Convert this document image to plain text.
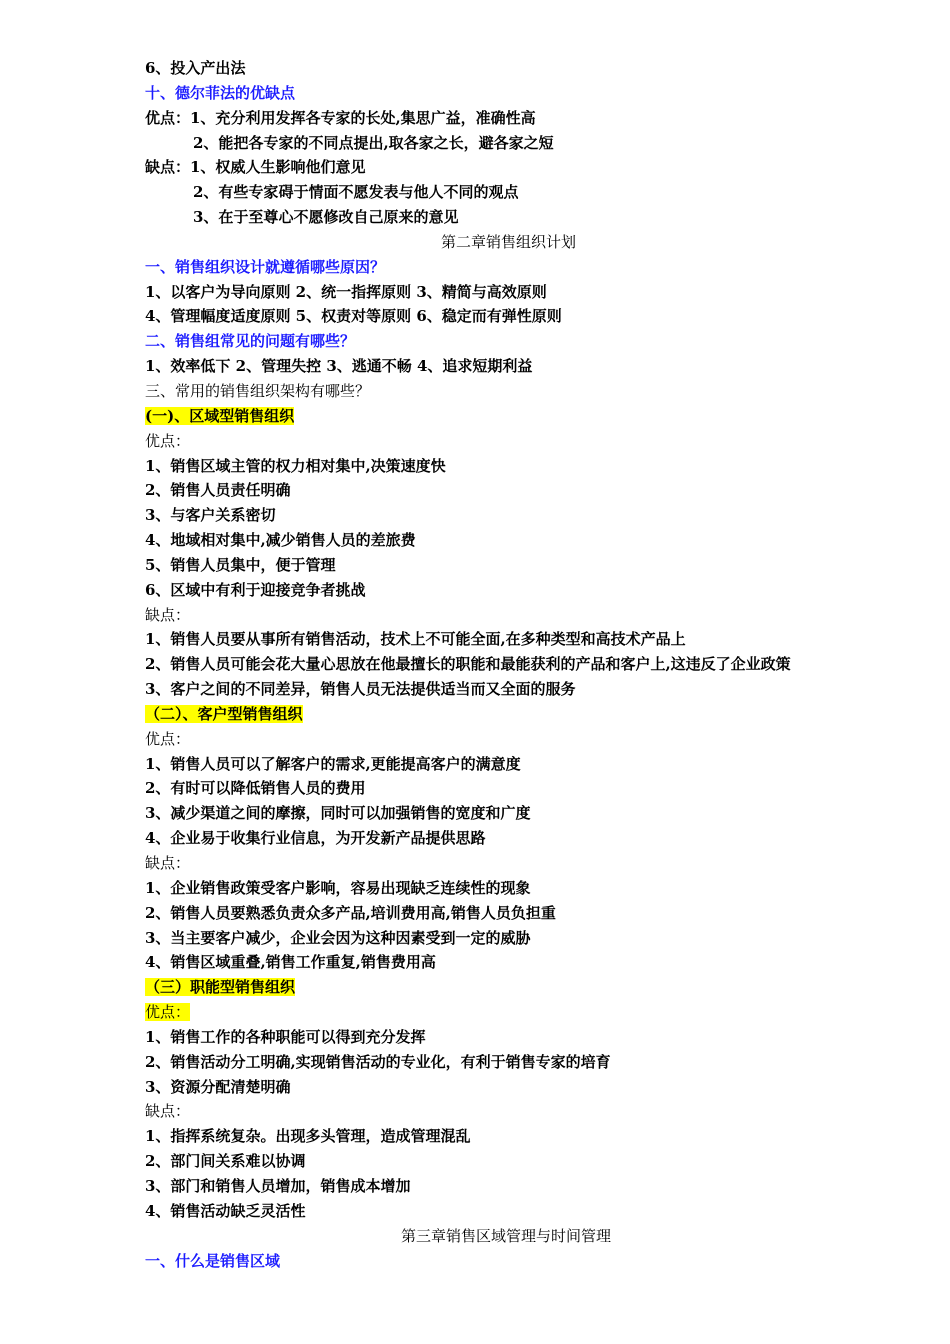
6、投入产出法
十、德尔菲法的优缺点
优点：1、充分利用发挥各专家的长处,集思广益，准确性高
2、能把各专家的不同点提出,取各家之长，避各家之短
缺点：1、权威人生影响他们意见
2、有些专家碍于情面不愿发表与他人不同的观点
3、在于至尊心不愿修改自己原来的意见
第二章销售组织计划
一、销售组织设计就遵循哪些原因？
1、以客户为导向原则 2、统一指挥原则 3、精简与高效原则
4、管理幅度适度原则 5、权责对等原则 6、稳定而有弹性原则
二、销售组常见的问题有哪些？
1、效率低下 2、管理失控 3、逃通不畅 4、追求短期利益
三、常用的销售组织架构有哪些？
(一)、区域型销售组织
优点：
1、销售区域主管的权力相对集中,决策速度快
2、销售人员责任明确
3、与客户关系密切
4、地域相对集中,减少销售人员的差旅费
5、销售人员集中，便于管理
6、区域中有利于迎接竞争者挑战
缺点：
1、销售人员要从事所有销售活动，技术上不可能全面,在多种类型和高技术产品上
2、销售人员可能会花大量心思放在他最擅长的职能和最能获利的产品和客户上,这违反了企业政策
3、客户之间的不同差异，销售人员无法提供适当而又全面的服务
（二）、客户型销售组织
优点：
1、销售人员可以了解客户的需求,更能提高客户的满意度
2、有时可以降低销售人员的费用
3、减少渠道之间的摩擦，同时可以加强销售的宽度和广度
4、企业易于收集行业信息，为开发新产品提供思路
缺点：
1、企业销售政策受客户影响，容易出现缺乏连续性的现象
2、销售人员要熟悉负责众多产品,培训费用高,销售人员负担重
3、当主要客户减少，企业会因为这种因素受到一定的威胁
4、销售区域重叠,销售工作重复,销售费用高
（三）职能型销售组织
优点：
1、销售工作的各种职能可以得到充分发挥
2、销售活动分工明确,实现销售活动的专业化，有利于销售专家的培育
3、资源分配清楚明确
缺点：
1、指挥系统复杂。出现多头管理，造成管理混乱
2、部门间关系难以协调
3、部门和销售人员增加，销售成本增加
4、销售活动缺乏灵活性
第三章销售区域管理与时间管理
一、什么是销售区域
